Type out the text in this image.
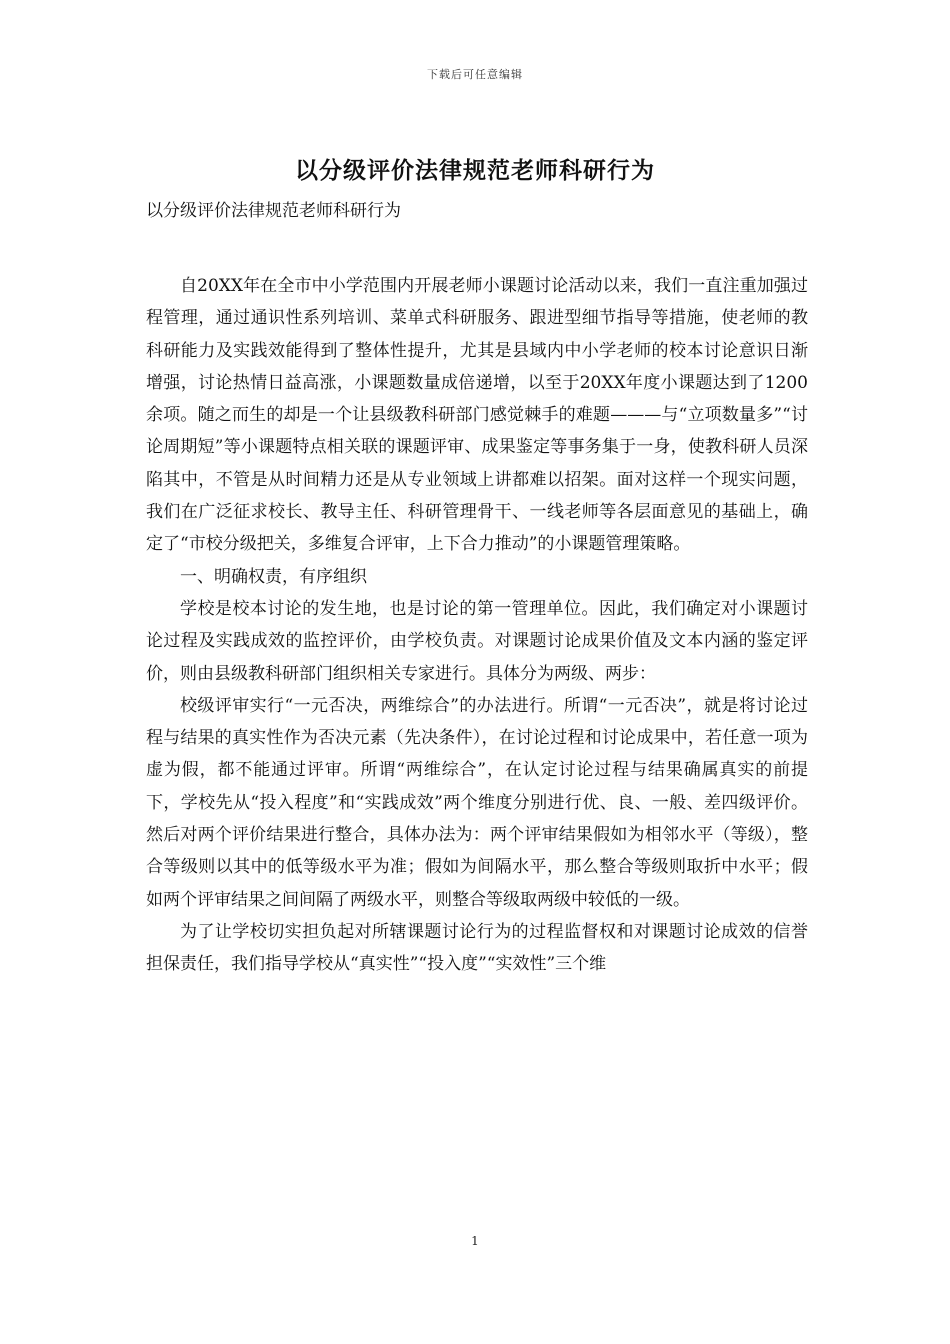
下载后可任意编辑
以分级评价法律规范老师科研行为

以分级评价法律规范老师科研行为

自20XX年在全市中小学范围内开展老师小课题讨论活动以来，我们一直注重加强过程管理，通过通识性系列培训、菜单式科研服务、跟进型细节指导等措施，使老师的教科研能力及实践效能得到了整体性提升，尤其是县域内中小学老师的校本讨论意识日渐增强，讨论热情日益高涨，小课题数量成倍递增，以至于20XX年度小课题达到了1200余项。随之而生的却是一个让县级教科研部门感觉棘手的难题———与“立项数量多”“讨论周期短”等小课题特点相关联的课题评审、成果鉴定等事务集于一身，使教科研人员深陷其中，不管是从时间精力还是从专业领域上讲都难以招架。面对这样一个现实问题，我们在广泛征求校长、教导主任、科研管理骨干、一线老师等各层面意见的基础上，确定了“市校分级把关，多维复合评审，上下合力推动”的小课题管理策略。

一、明确权责，有序组织

学校是校本讨论的发生地，也是讨论的第一管理单位。因此，我们确定对小课题讨论过程及实践成效的监控评价，由学校负责。对课题讨论成果价值及文本内涵的鉴定评价，则由县级教科研部门组织相关专家进行。具体分为两级、两步：

校级评审实行“一元否决，两维综合”的办法进行。所谓“一元否决”，就是将讨论过程与结果的真实性作为否决元素（先决条件），在讨论过程和讨论成果中，若任意一项为虚为假，都不能通过评审。所谓“两维综合”，在认定讨论过程与结果确属真实的前提下，学校先从“投入程度”和“实践成效”两个维度分别进行优、良、一般、差四级评价。然后对两个评价结果进行整合，具体办法为：两个评审结果假如为相邻水平（等级），整合等级则以其中的低等级水平为准；假如为间隔水平，那么整合等级则取折中水平；假如两个评审结果之间间隔了两级水平，则整合等级取两级中较低的一级。

为了让学校切实担负起对所辖课题讨论行为的过程监督权和对课题讨论成效的信誉担保责任，我们指导学校从“真实性”“投入度”“实效性”三个维

1
